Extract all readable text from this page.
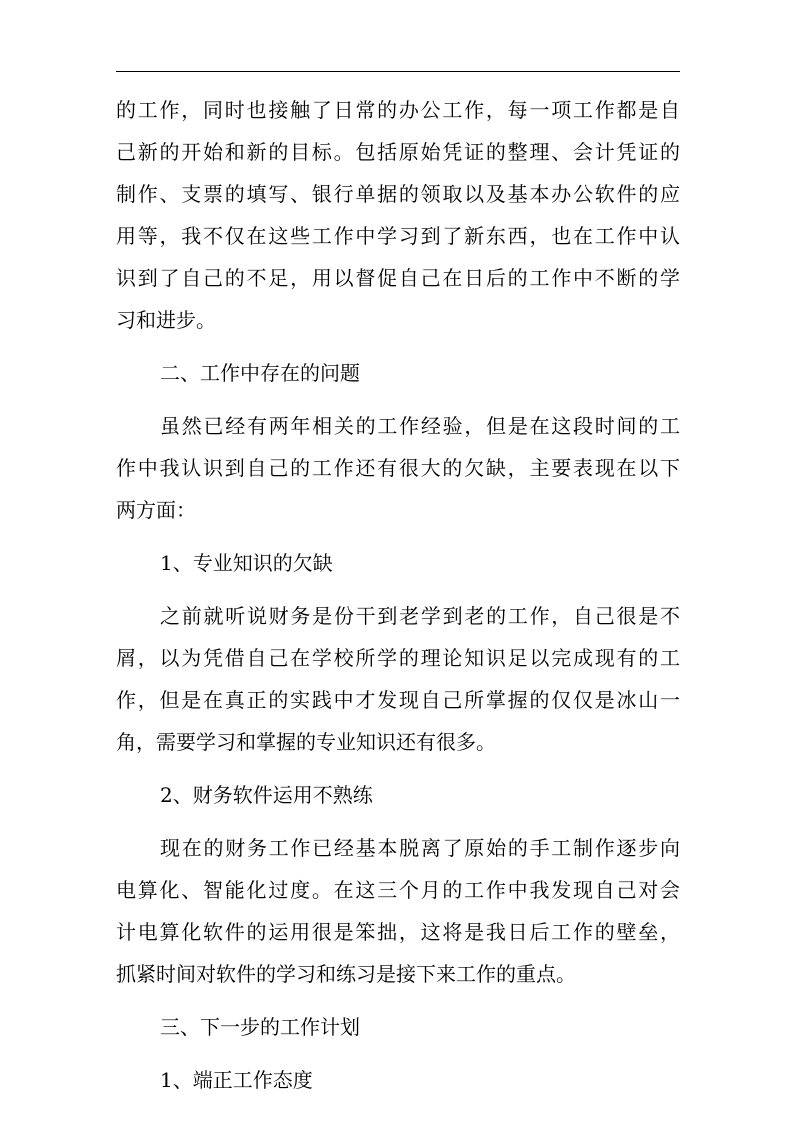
的工作，同时也接触了日常的办公工作，每一项工作都是自
己新的开始和新的目标。包括原始凭证的整理、会计凭证的
制作、支票的填写、银行单据的领取以及基本办公软件的应
用等，我不仅在这些工作中学习到了新东西，也在工作中认
识到了自己的不足，用以督促自己在日后的工作中不断的学
习和进步。
二、工作中存在的问题
虽然已经有两年相关的工作经验，但是在这段时间的工
作中我认识到自己的工作还有很大的欠缺，主要表现在以下
两方面：
1、专业知识的欠缺
之前就听说财务是份干到老学到老的工作，自己很是不
屑，以为凭借自己在学校所学的理论知识足以完成现有的工
作，但是在真正的实践中才发现自己所掌握的仅仅是冰山一
角，需要学习和掌握的专业知识还有很多。
2、财务软件运用不熟练
现在的财务工作已经基本脱离了原始的手工制作逐步向
电算化、智能化过度。在这三个月的工作中我发现自己对会
计电算化软件的运用很是笨拙，这将是我日后工作的壁垒，
抓紧时间对软件的学习和练习是接下来工作的重点。
三、下一步的工作计划
1、端正工作态度
